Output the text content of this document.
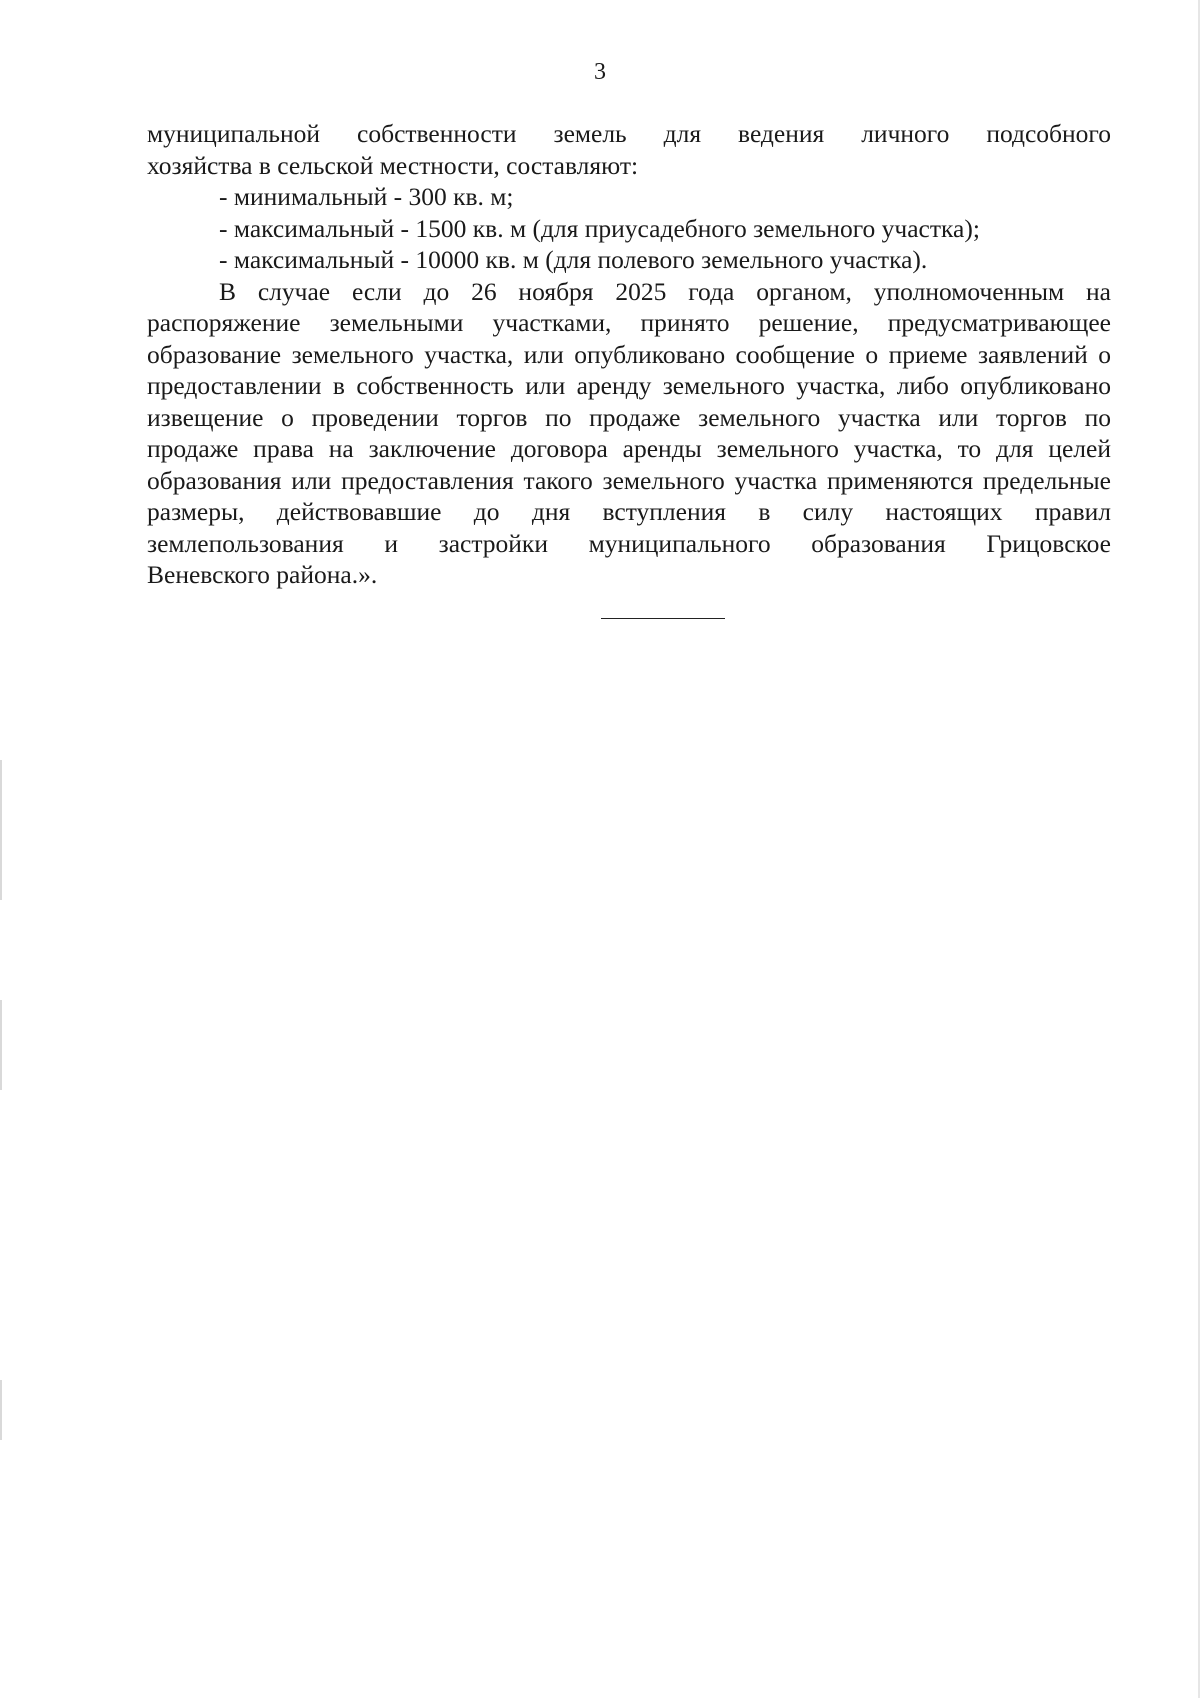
3
муниципальной собственности земель для ведения личного подсобного
хозяйства в сельской местности, составляют:
- минимальный - 300 кв. м;
- максимальный - 1500 кв. м (для приусадебного земельного участка);
- максимальный - 10000 кв. м (для полевого земельного участка).
В случае если до 26 ноября 2025 года органом, уполномоченным на
распоряжение земельными участками, принято решение, предусматривающее
образование земельного участка, или опубликовано сообщение о приеме заявлений о
предоставлении в собственность или аренду земельного участка, либо опубликовано
извещение о проведении торгов по продаже земельного участка или торгов по
продаже права на заключение договора аренды земельного участка, то для целей
образования или предоставления такого земельного участка применяются предельные
размеры, действовавшие до дня вступления в силу настоящих правил
землепользования и застройки муниципального образования Грицовское
Веневского района.».
